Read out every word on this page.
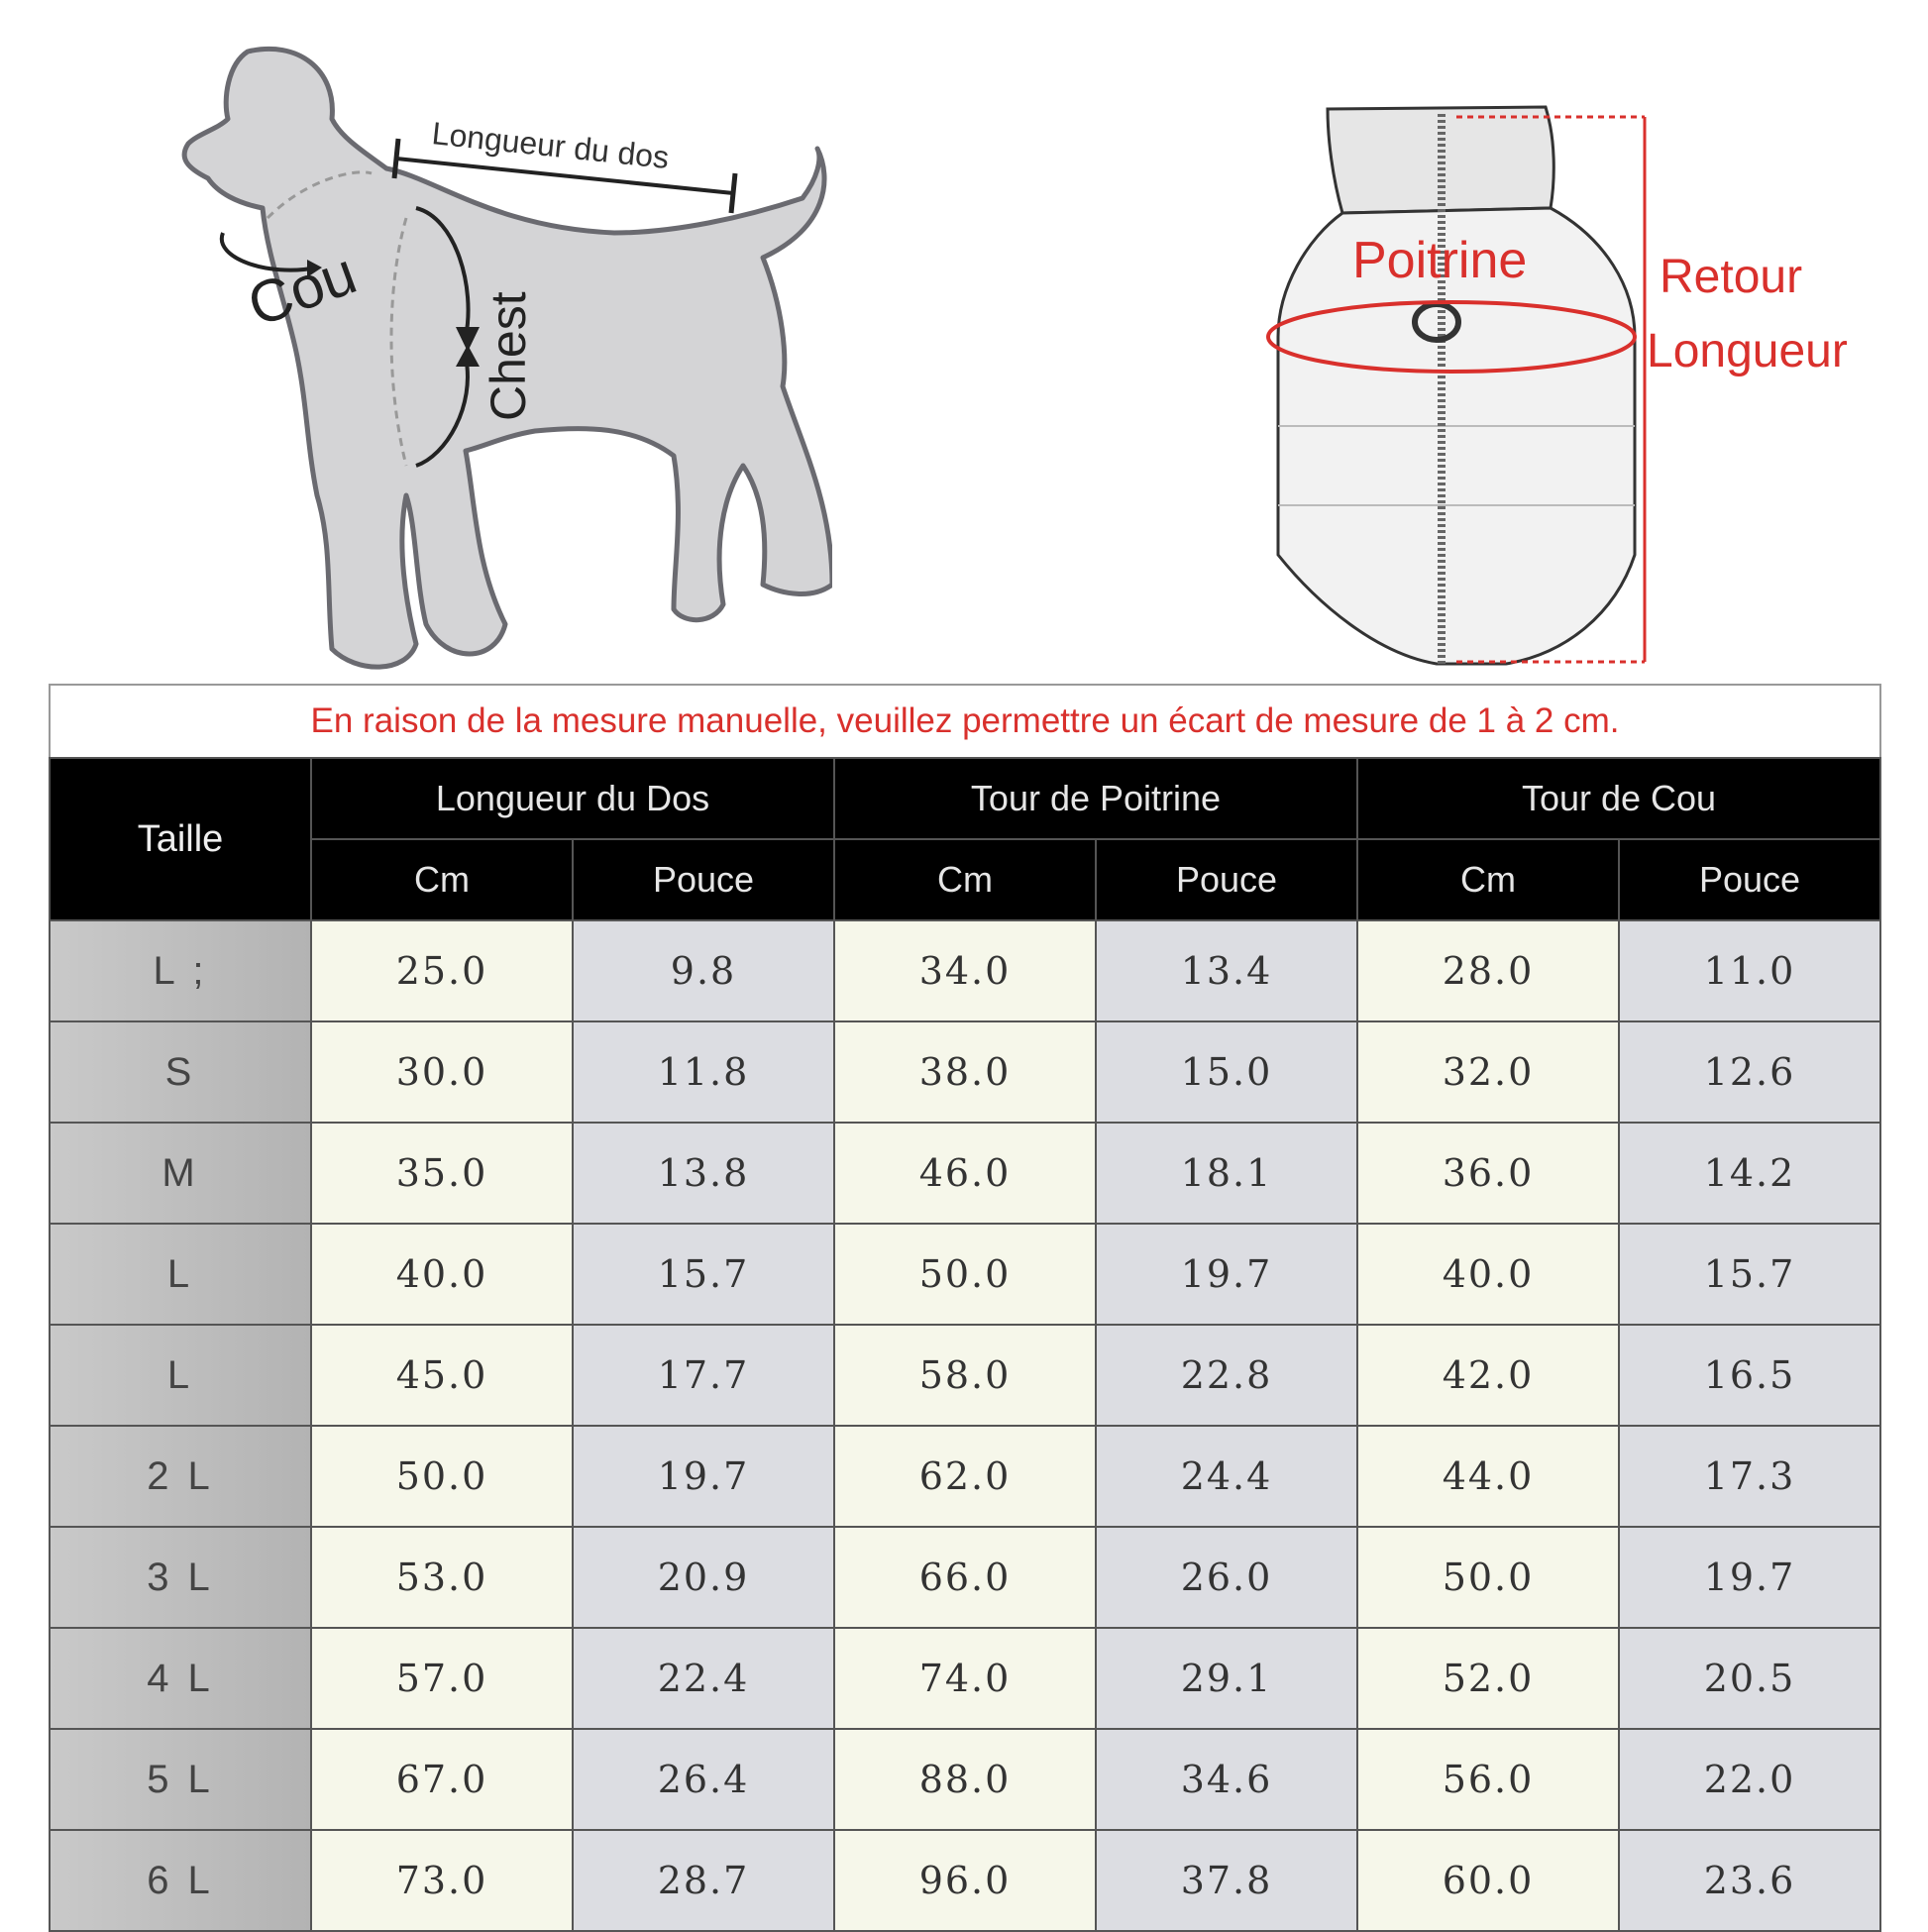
Longueur du dos
Cou
Chest
Poitrine	Retour
Longueur
En raison de la mesure manuelle, veuillez permettre un écart de mesure de 1 à 2 cm.
Taille	Longueur du Dos		Tour de Poitrine		Tour de Cou	
	Cm	Pouce	Cm	Pouce	Cm	Pouce
L ;	25.0	9.8	34.0	13.4	28.0	11.0
S	30.0	11.8	38.0	15.0	32.0	12.6
M	35.0	13.8	46.0	18.1	36.0	14.2
L	40.0	15.7	50.0	19.7	40.0	15.7
L	45.0	17.7	58.0	22.8	42.0	16.5
2 L	50.0	19.7	62.0	24.4	44.0	17.3
3 L	53.0	20.9	66.0	26.0	50.0	19.7
4 L	57.0	22.4	74.0	29.1	52.0	20.5
5 L	67.0	26.4	88.0	34.6	56.0	22.0
6 L	73.0	28.7	96.0	37.8	60.0	23.6
